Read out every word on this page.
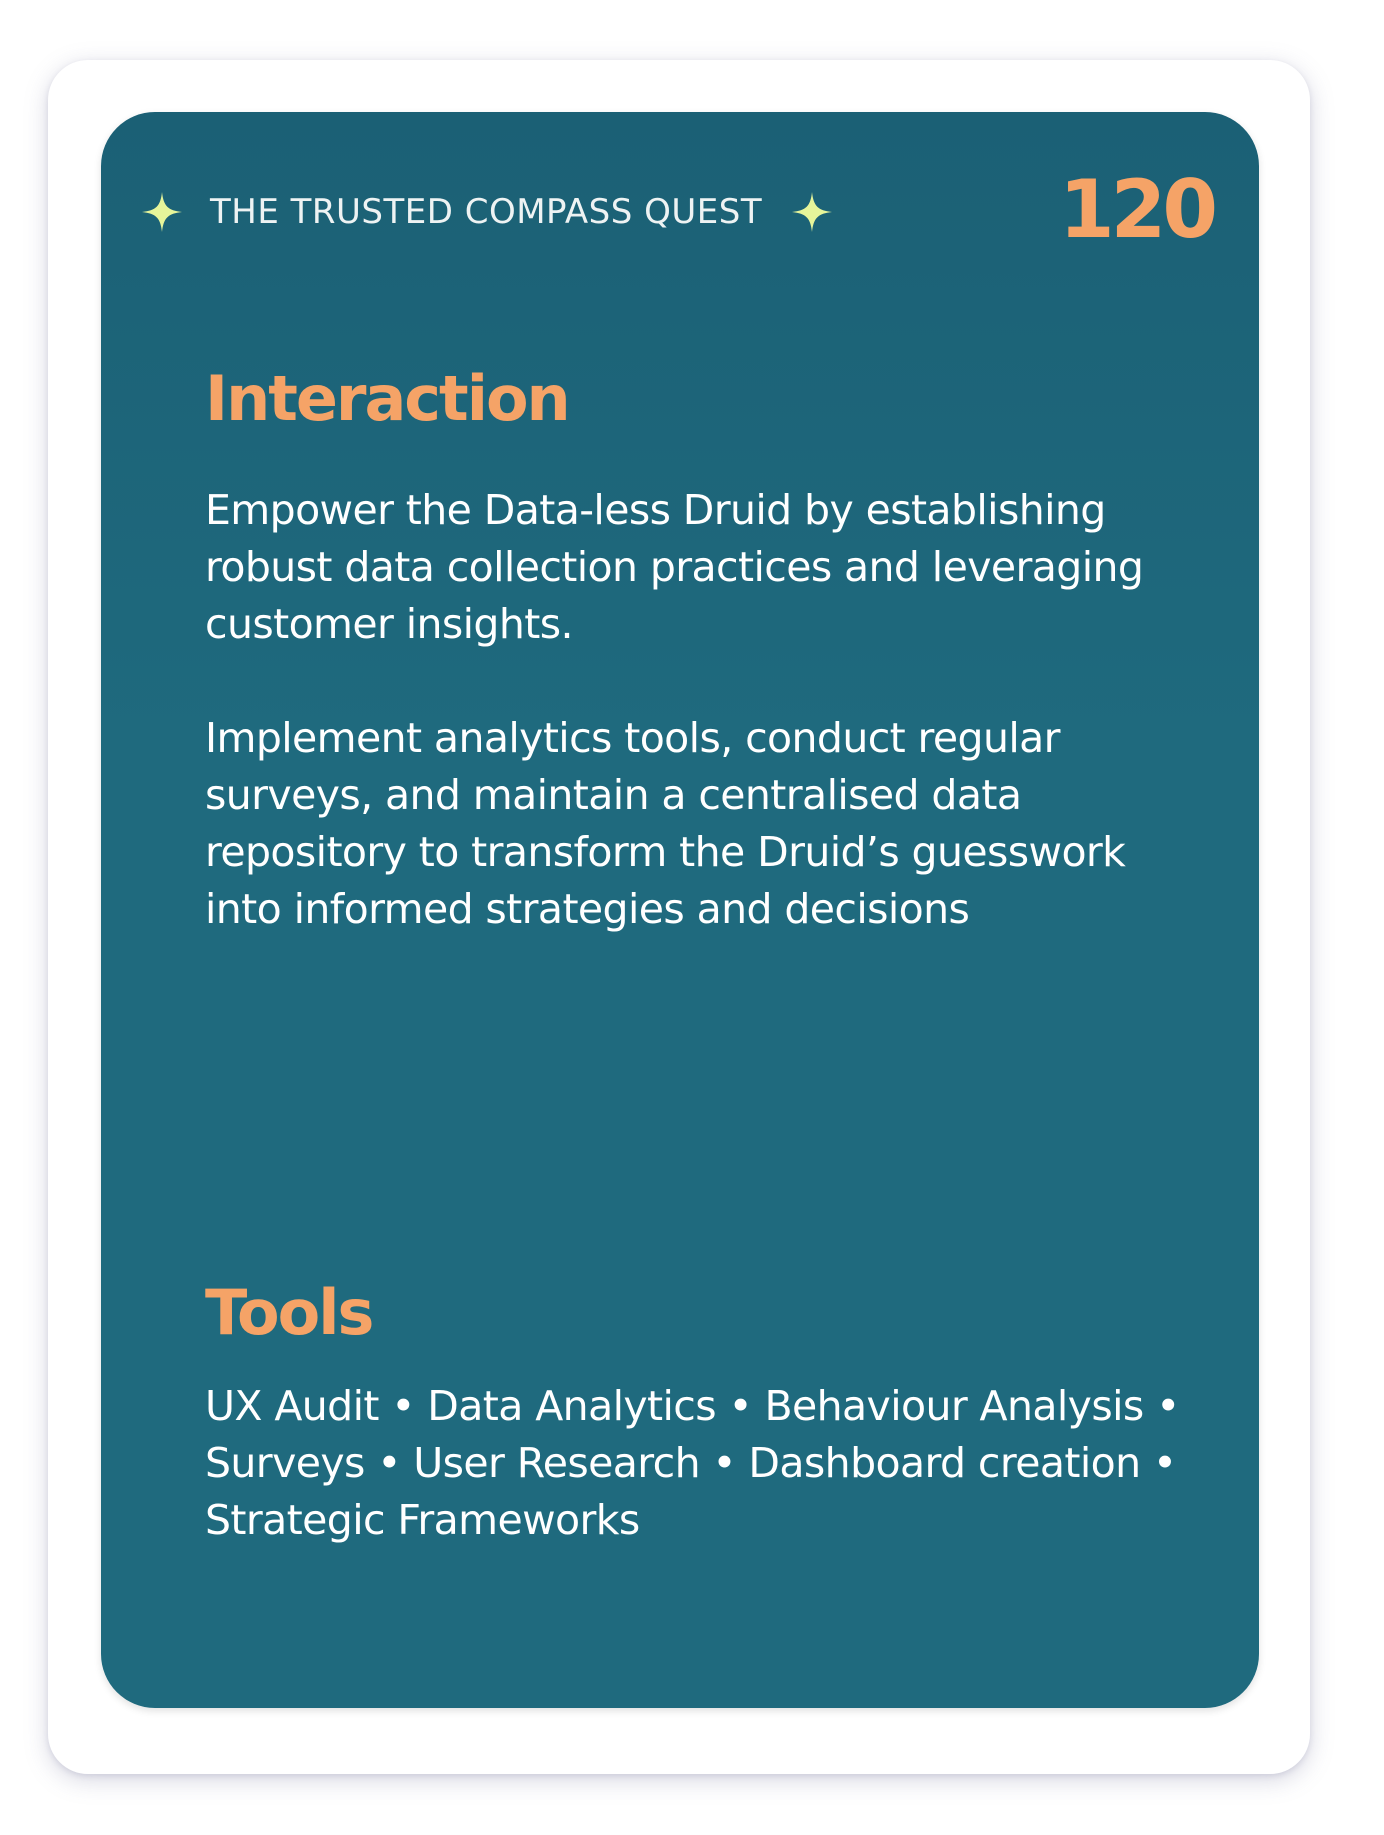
THE TRUSTED COMPASS QUEST	120
Interaction

Empower the Data-less Druid by establishing robust data collection practices and leveraging customer insights.

Implement analytics tools, conduct regular surveys, and maintain a centralised data repository to transform the Druid’s guesswork into informed strategies and decisions

Tools

UX Audit • Data Analytics • Behaviour Analysis • Surveys • User Research • Dashboard creation • Strategic Frameworks
